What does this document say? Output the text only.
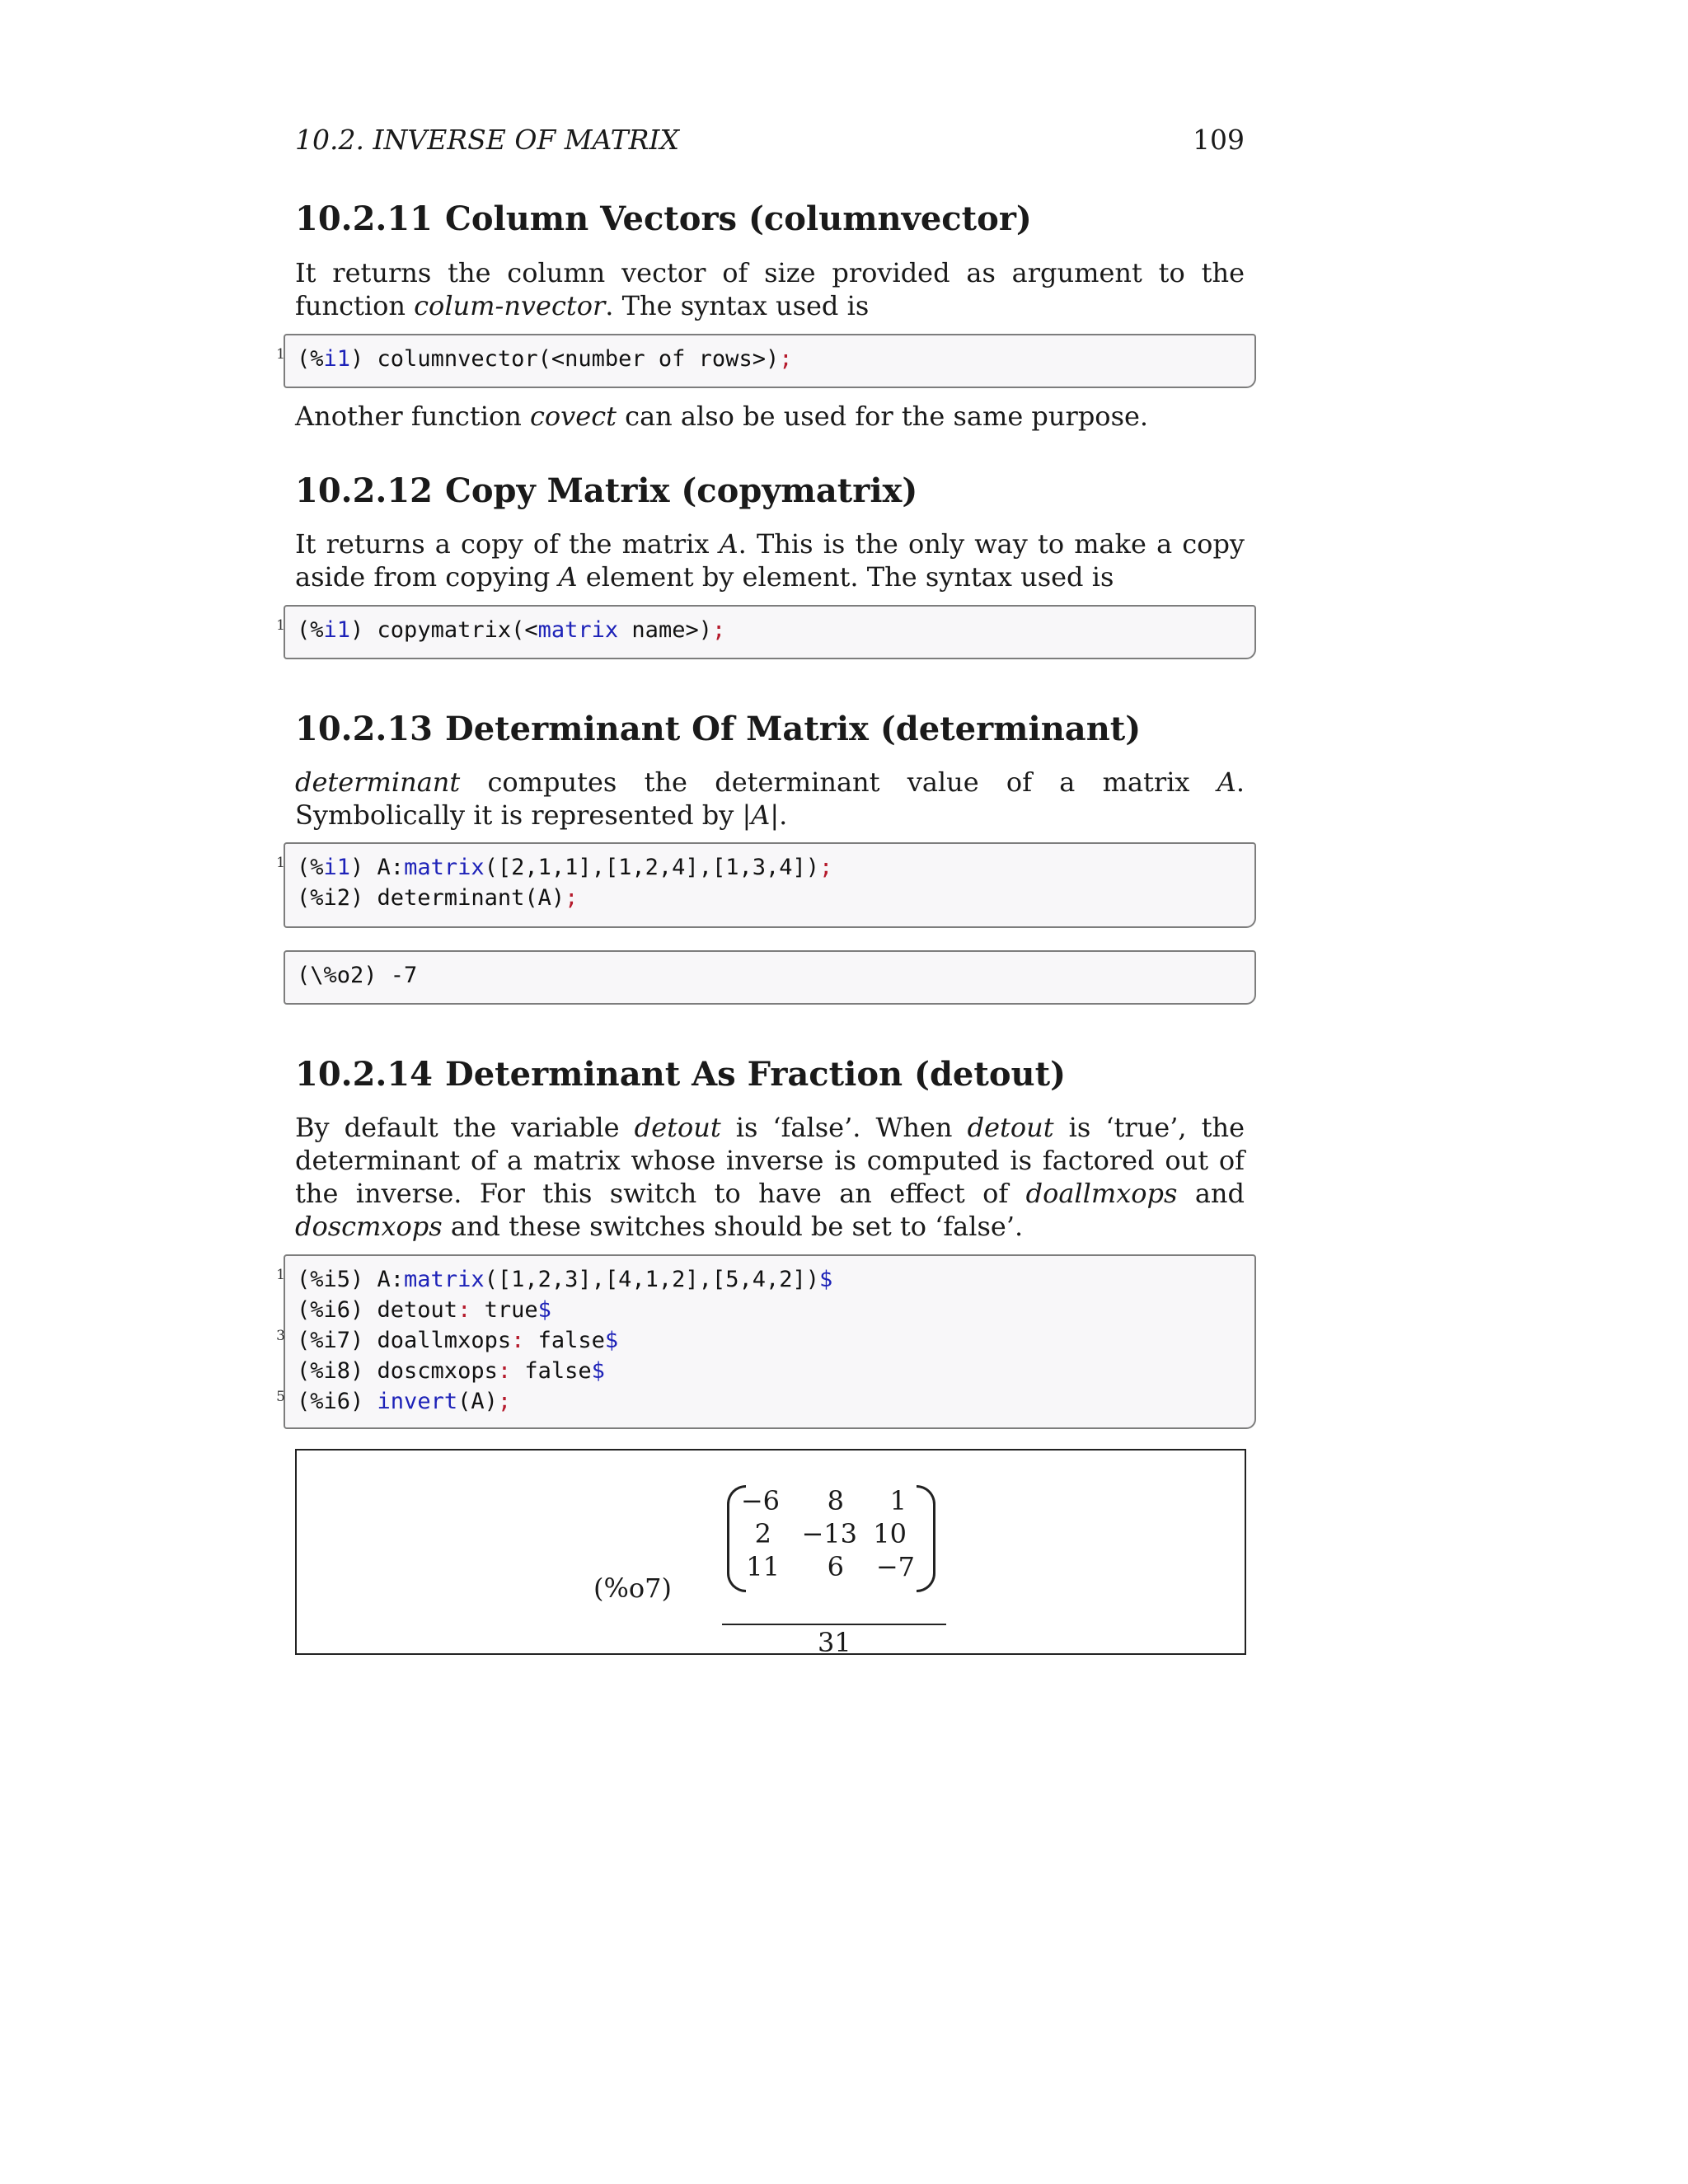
10.2. INVERSE OF MATRIX	109
10.2.11 Column Vectors (columnvector)

It returns the column vector of size provided as argument to the function colum-nvector. The syntax used is

1 (%i1) columnvector(<number of rows>);

Another function covect can also be used for the same purpose.

10.2.12 Copy Matrix (copymatrix)

It returns a copy of the matrix A. This is the only way to make a copy aside from copying A element by element. The syntax used is

1 (%i1) copymatrix(<matrix name>);
10.2.13 Determinant Of Matrix (determinant)

determinant computes the determinant value of a matrix A. Symbolically it is represented by |A|.

1 (%i1) A:matrix([2,1,1],[1,2,4],[1,3,4]);
(%i2) determinant(A);
(\%o2) -7
10.2.14 Determinant As Fraction (detout)

By default the variable detout is ‘false’. When detout is ‘true’, the determinant of a matrix whose inverse is computed is factored out of the inverse. For this switch to have an effect of doallmxops and doscmxops and these switches should be set to ‘false’.

1 (%i5) A:matrix([1,2,3],[4,1,2],[5,4,2])$
(%i6) detout: true$
3 (%i7) doallmxops: false$
(%i8) doscmxops: false$
5 (%i6) invert(A);
(%o7)
−6	8	1
2 −13 10
11	6	−7
31
